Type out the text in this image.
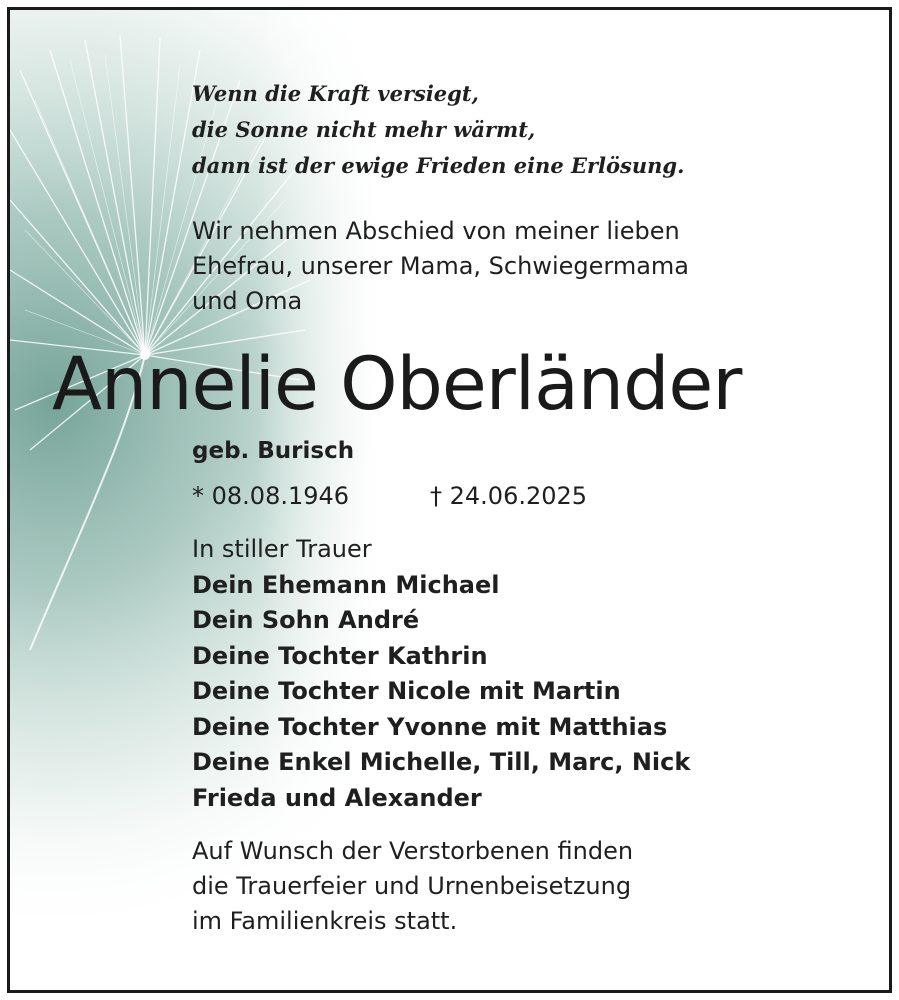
Wenn die Kraft versiegt,
die Sonne nicht mehr wärmt,
dann ist der ewige Frieden eine Erlösung.
Wir nehmen Abschied von meiner lieben
Ehefrau, unserer Mama, Schwiegermama
und Oma
Annelie Oberländer
geb. Burisch
* 08.08.1946	† 24.06.2025
In stiller Trauer
Dein Ehemann Michael
Dein Sohn André
Deine Tochter Kathrin
Deine Tochter Nicole mit Martin
Deine Tochter Yvonne mit Matthias
Deine Enkel Michelle, Till, Marc, Nick
Frieda und Alexander
Auf Wunsch der Verstorbenen finden
die Trauerfeier und Urnenbeisetzung
im Familienkreis statt.
